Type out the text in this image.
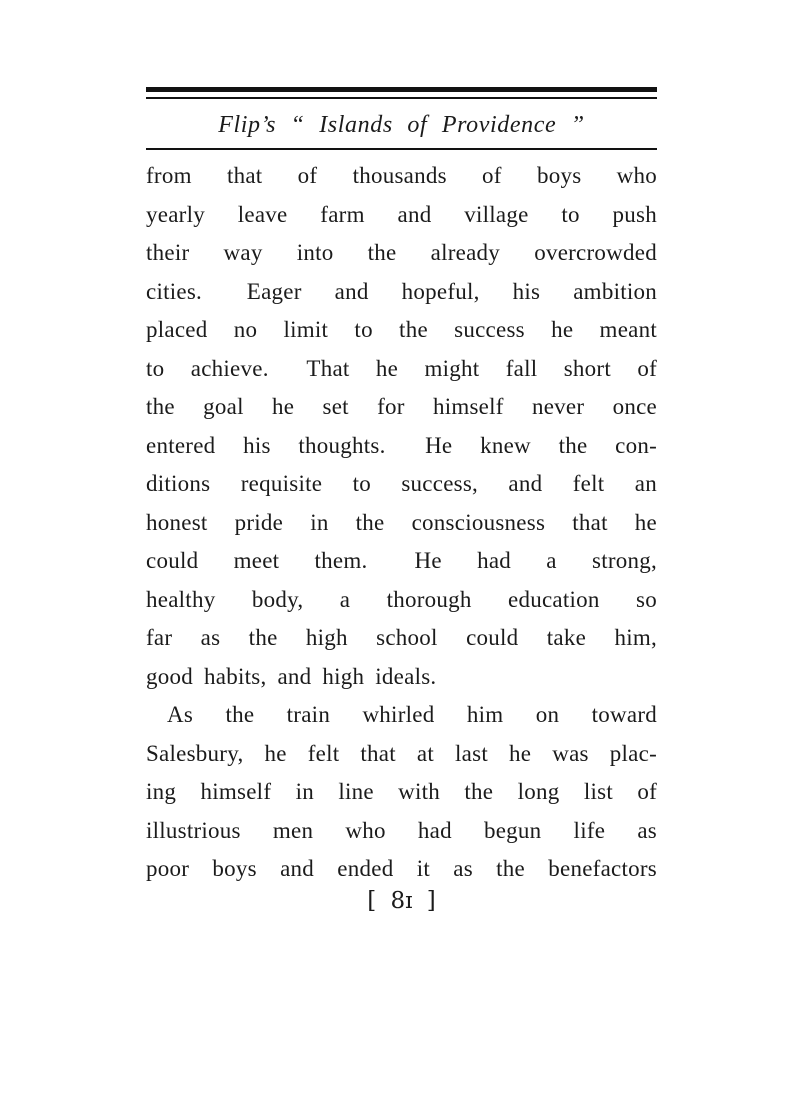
Flip’s “ Islands of Providence ”
from that of thousands of boys who
yearly leave farm and village to push
their way into the already overcrowded
cities.  Eager and hopeful, his ambition
placed no limit to the success he meant
to achieve.  That he might fall short of
the goal he set for himself never once
entered his thoughts.  He knew the con-
ditions requisite to success, and felt an
honest pride in the consciousness that he
could meet them.  He had a strong,
healthy body, a thorough education so
far as the high school could take him,
good habits, and high ideals.
As the train whirled him on toward
Salesbury, he felt that at last he was plac-
ing himself in line with the long list of
illustrious men who had begun life as
poor boys and ended it as the benefactors
[ 8ɪ ]
